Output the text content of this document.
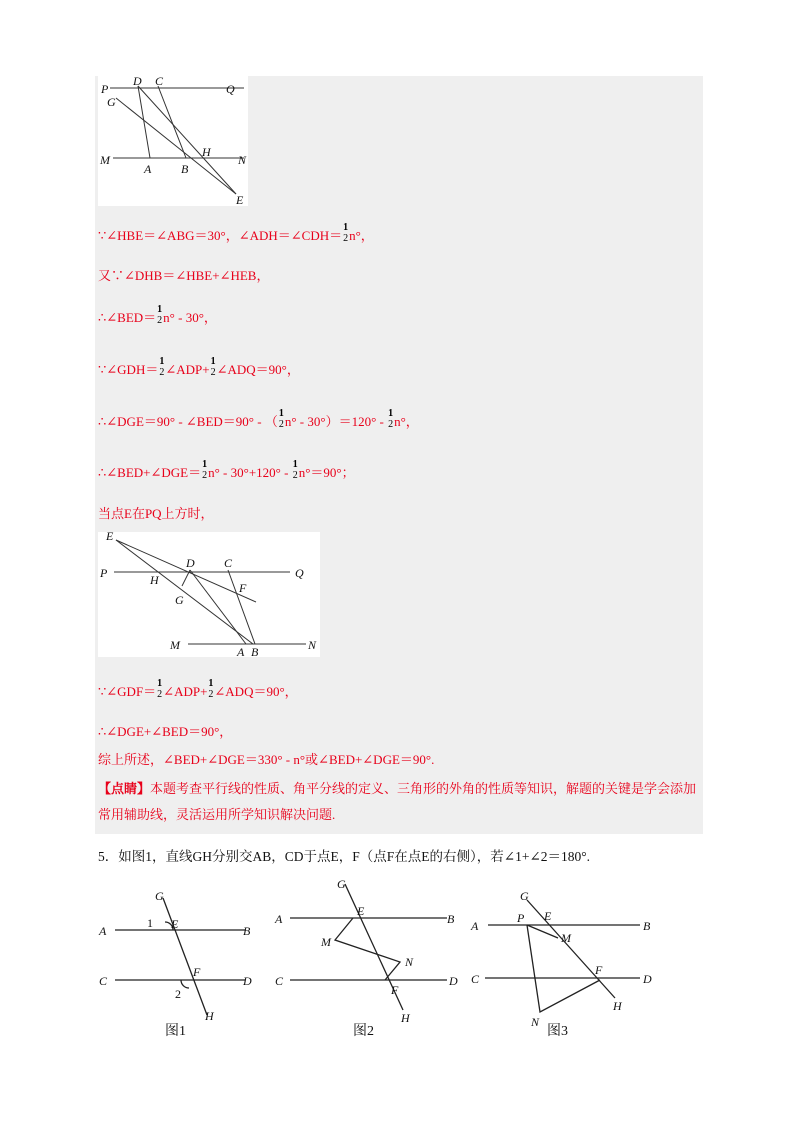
P
D C
Q
G
H
M
A B
N
E
∵∠HBE＝∠ABG＝30°，∠ADH＝∠CDH＝
1
2 n°，
又∵∠DHB＝∠HBE+∠HEB，
∴∠BED＝
1
2 n° - 30°，
∵∠GDH＝
1
2 ∠ADP+
1
2 ∠ADQ＝90°，
∴∠DGE＝90° - ∠BED＝90° - （
1
2 n° - 30°）＝120° -
1
2 n°，
∴∠BED+∠DGE＝
1
2 n° - 30°+120° -
1
2 n°＝90°；
当点E在PQ上方时，
E
D C
P	H
F
Q
G
M	A B	N
∵∠GDF＝
1
2 ∠ADP+
1
2 ∠ADQ＝90°，
∴∠DGE+∠BED＝90°，
综上所述，∠BED+∠DGE＝330° - n°或∠BED+∠DGE＝90°.
【点睛】本题考查平行线的性质、角平分线的定义、三角形的外角的性质等知识，解题的关键是学会添加常用辅助线，灵活运用所学知识解决问题.
5．如图1，直线GH分别交AB，CD于点E，F（点F在点E的右侧），若∠1+∠2＝180°.
G
1 E
A	B
C
F
D
2
H
图1
G
A
E
B
M
N
C
F
D
H
图2
G
P E
A	B
M
C
F
D
N
H
图3
